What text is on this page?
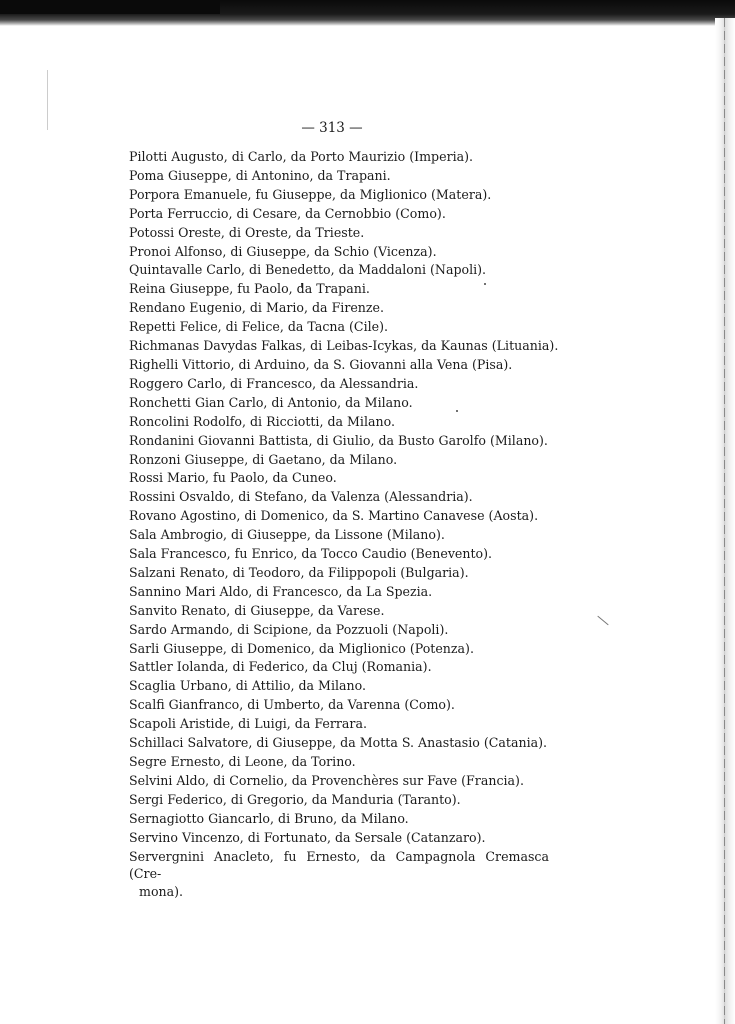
— 313 —

Pilotti Augusto, di Carlo, da Porto Maurizio (Imperia).
Poma Giuseppe, di Antonino, da Trapani.
Porpora Emanuele, fu Giuseppe, da Miglionico (Matera).
Porta Ferruccio, di Cesare, da Cernobbio (Como).
Potossi Oreste, di Oreste, da Trieste.
Pronoi Alfonso, di Giuseppe, da Schio (Vicenza).
Quintavalle Carlo, di Benedetto, da Maddaloni (Napoli).
Reina Giuseppe, fu Paolo, da Trapani.
Rendano Eugenio, di Mario, da Firenze.
Repetti Felice, di Felice, da Tacna (Cile).
Richmanas Davydas Falkas, di Leibas-Icykas, da Kaunas (Lituania).
Righelli Vittorio, di Arduino, da S. Giovanni alla Vena (Pisa).
Roggero Carlo, di Francesco, da Alessandria.
Ronchetti Gian Carlo, di Antonio, da Milano.
Roncolini Rodolfo, di Ricciotti, da Milano.
Rondanini Giovanni Battista, di Giulio, da Busto Garolfo (Milano).
Ronzoni Giuseppe, di Gaetano, da Milano.
Rossi Mario, fu Paolo, da Cuneo.
Rossini Osvaldo, di Stefano, da Valenza (Alessandria).
Rovano Agostino, di Domenico, da S. Martino Canavese (Aosta).
Sala Ambrogio, di Giuseppe, da Lissone (Milano).
Sala Francesco, fu Enrico, da Tocco Caudio (Benevento).
Salzani Renato, di Teodoro, da Filippopoli (Bulgaria).
Sannino Mari Aldo, di Francesco, da La Spezia.
Sanvito Renato, di Giuseppe, da Varese.
Sardo Armando, di Scipione, da Pozzuoli (Napoli).
Sarli Giuseppe, di Domenico, da Miglionico (Potenza).
Sattler Iolanda, di Federico, da Cluj (Romania).
Scaglia Urbano, di Attilio, da Milano.
Scalfi Gianfranco, di Umberto, da Varenna (Como).
Scapoli Aristide, di Luigi, da Ferrara.
Schillaci Salvatore, di Giuseppe, da Motta S. Anastasio (Catania).
Segre Ernesto, di Leone, da Torino.
Selvini Aldo, di Cornelio, da Provenchères sur Fave (Francia).
Sergi Federico, di Gregorio, da Manduria (Taranto).
Sernagiotto Giancarlo, di Bruno, da Milano.
Servino Vincenzo, di Fortunato, da Sersale (Catanzaro).
Servergnini Anacleto, fu Ernesto, da Campagnola Cremasca (Cre-
mona).
